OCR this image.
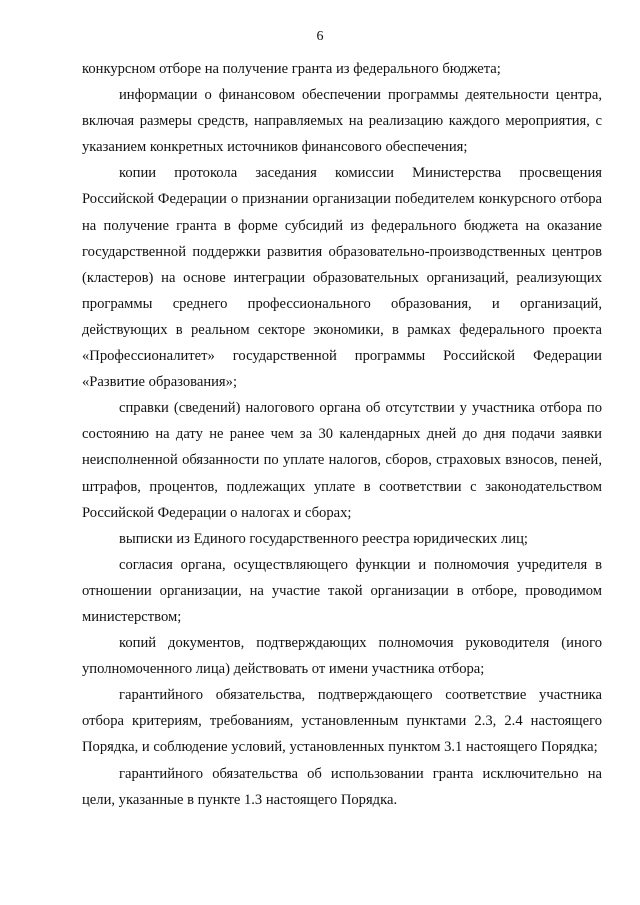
6

конкурсном отборе на получение гранта из федерального бюджета;

информации о финансовом обеспечении программы деятельности центра, включая размеры средств, направляемых на реализацию каждого мероприятия, с указанием конкретных источников финансового обеспечения;

копии протокола заседания комиссии Министерства просвещения Российской Федерации о признании организации победителем конкурсного отбора на получение гранта в форме субсидий из федерального бюджета на оказание государственной поддержки развития образовательно-производственных центров (кластеров) на основе интеграции образовательных организаций, реализующих программы среднего профессионального образования, и организаций, действующих в реальном секторе экономики, в рамках федерального проекта «Профессионалитет» государственной программы Российской Федерации «Развитие образования»;

справки (сведений) налогового органа об отсутствии у участника отбора по состоянию на дату не ранее чем за 30 календарных дней до дня подачи заявки неисполненной обязанности по уплате налогов, сборов, страховых взносов, пеней, штрафов, процентов, подлежащих уплате в соответствии с законодательством Российской Федерации о налогах и сборах;

выписки из Единого государственного реестра юридических лиц;

согласия органа, осуществляющего функции и полномочия учредителя в отношении организации, на участие такой организации в отборе, проводимом министерством;

копий документов, подтверждающих полномочия руководителя (иного уполномоченного лица) действовать от имени участника отбора;

гарантийного обязательства, подтверждающего соответствие участника отбора критериям, требованиям, установленным пунктами 2.3, 2.4 настоящего Порядка, и соблюдение условий, установленных пунктом 3.1 настоящего Порядка;

гарантийного обязательства об использовании гранта исключительно на цели, указанные в пункте 1.3 настоящего Порядка.
